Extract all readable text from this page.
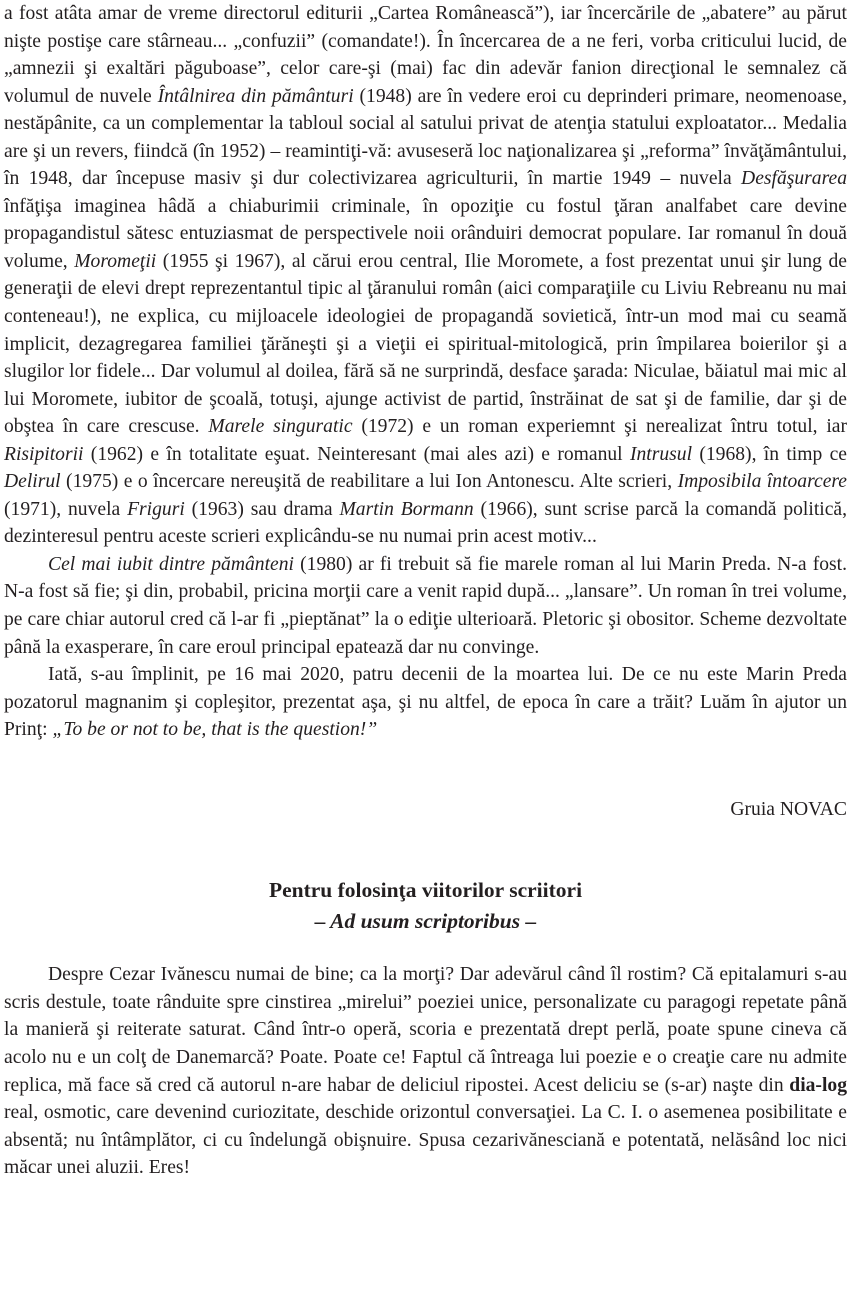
a fost atâta amar de vreme directorul editurii „Cartea Românească”), iar încercările de „abatere” au părut nişte postişe care stârneau... „confuzii” (comandate!). În încercarea de a ne feri, vorba criticului lucid, de „amnezii şi exaltări păguboase”, celor care-şi (mai) fac din adevăr fanion direcţional le semnalez că volumul de nuvele Întâlnirea din pământuri (1948) are în vedere eroi cu deprinderi primare, neomenoase, nestăpânite, ca un complementar la tabloul social al satului privat de atenţia statului exploatator... Medalia are şi un revers, fiindcă (în 1952) – reamintiţi-vă: avuseseră loc naţionalizarea şi „reforma” învăţământului, în 1948, dar începuse masiv şi dur colectivizarea agriculturii, în martie 1949 – nuvela Desfăşurarea înfăţişa imaginea hâdă a chiaburimii criminale, în opoziţie cu fostul ţăran analfabet care devine propagandistul sătesc entuziasmat de perspectivele noii orânduiri democrat populare. Iar romanul în două volume, Moromeţii (1955 şi 1967), al cărui erou central, Ilie Moromete, a fost prezentat unui şir lung de generaţii de elevi drept reprezentantul tipic al ţăranului român (aici comparaţiile cu Liviu Rebreanu nu mai conteneau!), ne explica, cu mijloacele ideologiei de propagandă sovietică, într-un mod mai cu seamă implicit, dezagregarea familiei ţărăneşti şi a vieţii ei spiritual-mitologică, prin împilarea boierilor şi a slugilor lor fidele... Dar volumul al doilea, fără să ne surprindă, desface şarada: Niculae, băiatul mai mic al lui Moromete, iubitor de şcoală, totuşi, ajunge activist de partid, înstrăinat de sat şi de familie, dar şi de obştea în care crescuse. Marele singuratic (1972) e un roman experiemnt şi nerealizat întru totul, iar Risipitorii (1962) e în totalitate eşuat. Neinteresant (mai ales azi) e romanul Intrusul (1968), în timp ce Delirul (1975) e o încercare nereuşită de reabilitare a lui Ion Antonescu. Alte scrieri, Imposibila întoarcere (1971), nuvela Friguri (1963) sau drama Martin Bormann (1966), sunt scrise parcă la comandă politică, dezinteresul pentru aceste scrieri explicându-se nu numai prin acest motiv...

Cel mai iubit dintre pământeni (1980) ar fi trebuit să fie marele roman al lui Marin Preda. N-a fost. N-a fost să fie; şi din, probabil, pricina morţii care a venit rapid după... „lansare”. Un roman în trei volume, pe care chiar autorul cred că l-ar fi „pieptănat” la o ediţie ulterioară. Pletoric şi obositor. Scheme dezvoltate până la exasperare, în care eroul principal epatează dar nu convinge.

Iată, s-au împlinit, pe 16 mai 2020, patru decenii de la moartea lui. De ce nu este Marin Preda pozatorul magnanim şi copleşitor, prezentat aşa, şi nu altfel, de epoca în care a trăit? Luăm în ajutor un Prinţ: „To be or not to be, that is the question!”

Gruia NOVAC

Pentru folosinţa viitorilor scriitori
– Ad usum scriptoribus –

Despre Cezar Ivănescu numai de bine; ca la morţi? Dar adevărul când îl rostim? Că epitalamuri s-au scris destule, toate rânduite spre cinstirea „mirelui” poeziei unice, personalizate cu paragogi repetate până la manieră şi reiterate saturat. Când într-o operă, scoria e prezentată drept perlă, poate spune cineva că acolo nu e un colţ de Danemarcă? Poate. Poate ce! Faptul că întreaga lui poezie e o creaţie care nu admite replica, mă face să cred că autorul n-are habar de deliciul ripostei. Acest deliciu se (s-ar) naşte din dia-log real, osmotic, care devenind curiozitate, deschide orizontul conversaţiei. La C. I. o asemenea posibilitate e absentă; nu întâmplător, ci cu îndelungă obişnuire. Spusa cezarivănesciană e potentată, nelăsând loc nici măcar unei aluzii. Eres!
